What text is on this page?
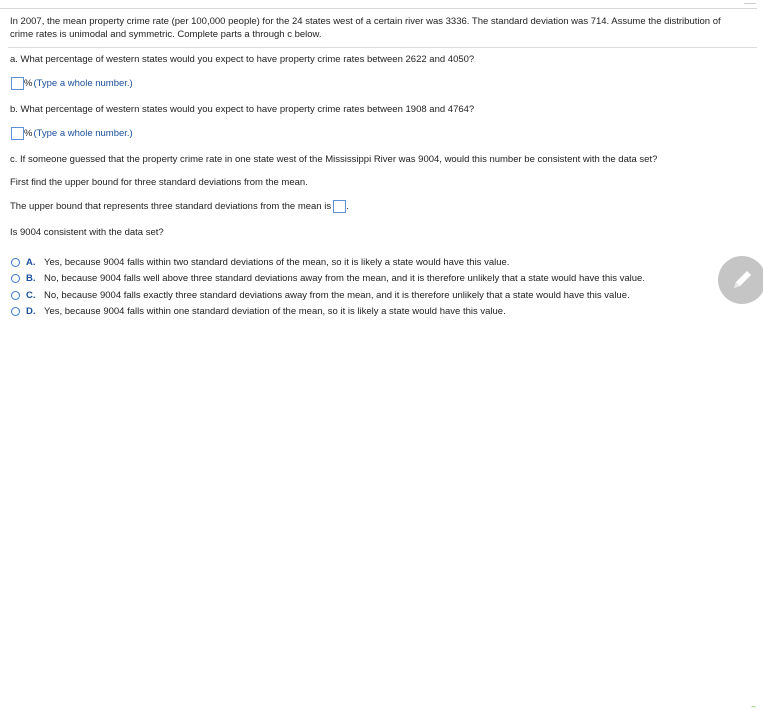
In 2007, the mean property crime rate (per 100,000 people) for the 24 states west of a certain river was 3336. The standard deviation was 714. Assume the distribution of crime rates is unimodal and symmetric. Complete parts a through c below.
a. What percentage of western states would you expect to have property crime rates between 2622 and 4050?
% (Type a whole number.)
b. What percentage of western states would you expect to have property crime rates between 1908 and 4764?
% (Type a whole number.)
c. If someone guessed that the property crime rate in one state west of the Mississippi River was 9004, would this number be consistent with the data set?
First find the upper bound for three standard deviations from the mean.
The upper bound that represents three standard deviations from the mean is .
Is 9004 consistent with the data set?
A. Yes, because 9004 falls within two standard deviations of the mean, so it is likely a state would have this value.
B. No, because 9004 falls well above three standard deviations away from the mean, and it is therefore unlikely that a state would have this value.
C. No, because 9004 falls exactly three standard deviations away from the mean, and it is therefore unlikely that a state would have this value.
D. Yes, because 9004 falls within one standard deviation of the mean, so it is likely a state would have this value.
